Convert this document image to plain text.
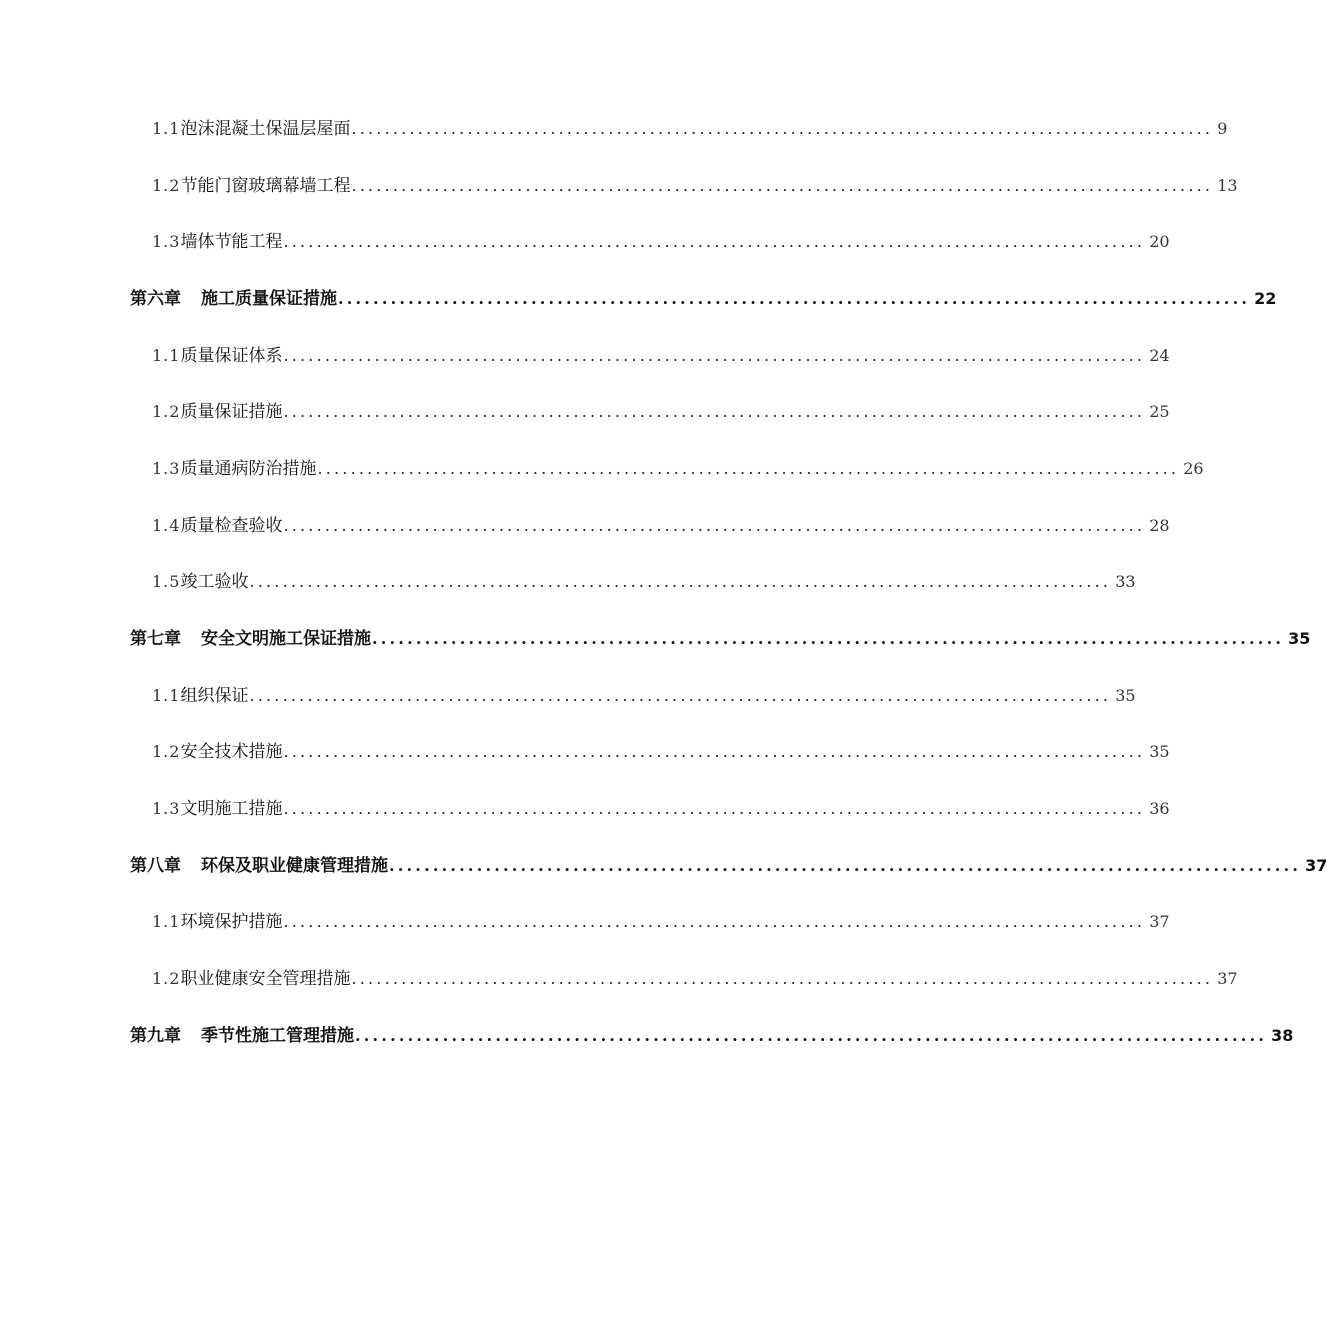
1.1 泡沫混凝土保温层屋面 ........................................................................................................ 9
1.2 节能门窗玻璃幕墙工程 ........................................................................................................ 13
1.3 墙体节能工程 ........................................................................................................ 20
第六章 施工质量保证措施 ........................................................................................................ 22
1.1 质量保证体系 ........................................................................................................ 24
1.2 质量保证措施 ........................................................................................................ 25
1.3 质量通病防治措施 ........................................................................................................ 26
1.4 质量检查验收 ........................................................................................................ 28
1.5 竣工验收 ........................................................................................................ 33
第七章 安全文明施工保证措施 ........................................................................................................ 35
1.1 组织保证 ........................................................................................................ 35
1.2 安全技术措施 ........................................................................................................ 35
1.3 文明施工措施 ........................................................................................................ 36
第八章 环保及职业健康管理措施 ........................................................................................................ 37
1.1 环境保护措施 ........................................................................................................ 37
1.2 职业健康安全管理措施 ........................................................................................................ 37
第九章 季节性施工管理措施 ........................................................................................................ 38
